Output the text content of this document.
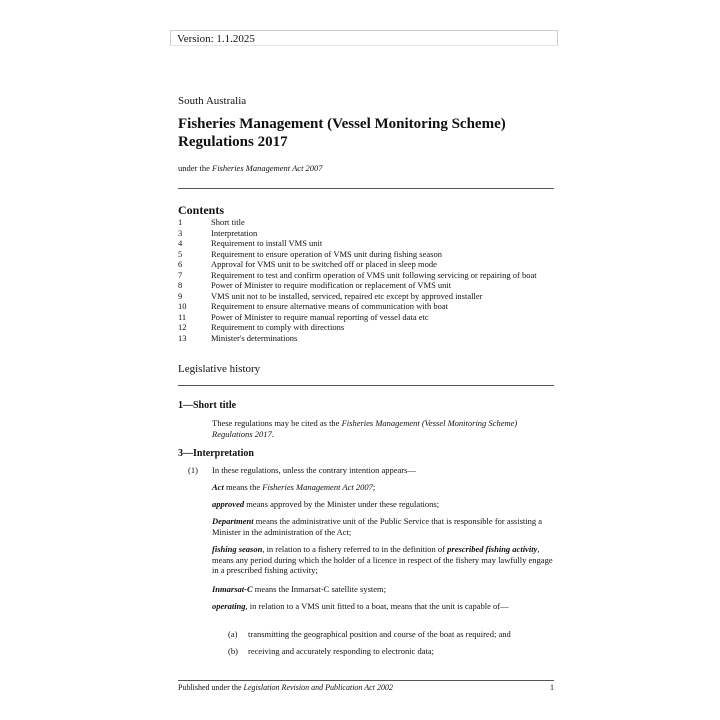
Version: 1.1.2025
South Australia
Fisheries Management (Vessel Monitoring Scheme) Regulations 2017
under the Fisheries Management Act 2007
Contents
1	Short title
3	Interpretation
4	Requirement to install VMS unit
5	Requirement to ensure operation of VMS unit during fishing season
6	Approval for VMS unit to be switched off or placed in sleep mode
7	Requirement to test and confirm operation of VMS unit following servicing or repairing of boat
8	Power of Minister to require modification or replacement of VMS unit
9	VMS unit not to be installed, serviced, repaired etc except by approved installer
10	Requirement to ensure alternative means of communication with boat
11	Power of Minister to require manual reporting of vessel data etc
12	Requirement to comply with directions
13	Minister's determinations
Legislative history
1—Short title
These regulations may be cited as the Fisheries Management (Vessel Monitoring Scheme) Regulations 2017.
3—Interpretation
(1) In these regulations, unless the contrary intention appears—
Act means the Fisheries Management Act 2007;
approved means approved by the Minister under these regulations;
Department means the administrative unit of the Public Service that is responsible for assisting a Minister in the administration of the Act;
fishing season, in relation to a fishery referred to in the definition of prescribed fishing activity, means any period during which the holder of a licence in respect of the fishery may lawfully engage in a prescribed fishing activity;
Inmarsat-C means the Inmarsat-C satellite system;
operating, in relation to a VMS unit fitted to a boat, means that the unit is capable of—
(a) transmitting the geographical position and course of the boat as required; and
(b) receiving and accurately responding to electronic data;
Published under the Legislation Revision and Publication Act 2002	1
